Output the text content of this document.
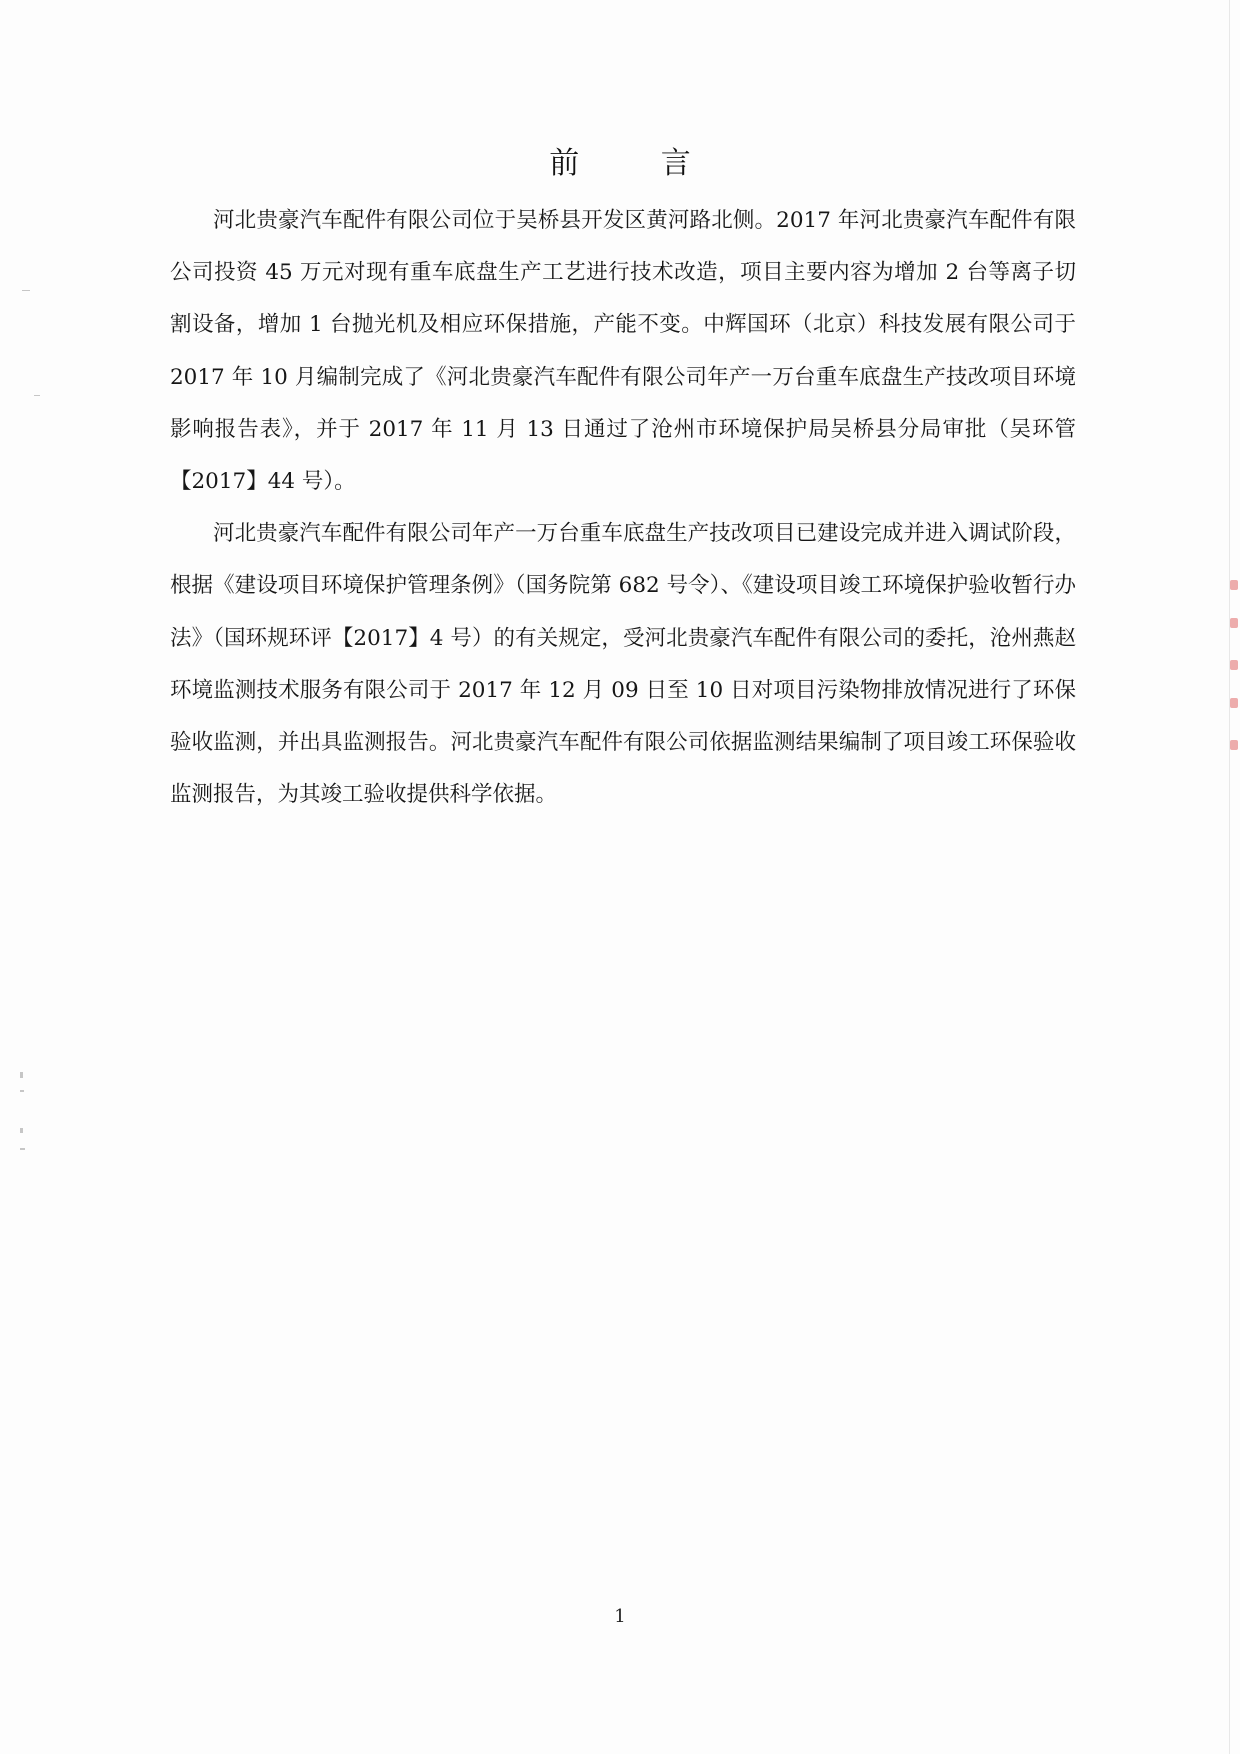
前 言

河北贵豪汽车配件有限公司位于吴桥县开发区黄河路北侧。2017 年河北贵豪汽车配件有限公司投资 45 万元对现有重车底盘生产工艺进行技术改造，项目主要内容为增加 2 台等离子切割设备，增加 1 台抛光机及相应环保措施，产能不变。中辉国环（北京）科技发展有限公司于 2017 年 10 月编制完成了《河北贵豪汽车配件有限公司年产一万台重车底盘生产技改项目环境影响报告表》，并于 2017 年 11 月 13 日通过了沧州市环境保护局吴桥县分局审批（吴环管【2017】44 号）。

河北贵豪汽车配件有限公司年产一万台重车底盘生产技改项目已建设完成并进入调试阶段，根据《建设项目环境保护管理条例》（国务院第 682 号令）、《建设项目竣工环境保护验收暂行办法》（国环规环评【2017】4 号）的有关规定，受河北贵豪汽车配件有限公司的委托，沧州燕赵环境监测技术服务有限公司于 2017 年 12 月 09 日至 10 日对项目污染物排放情况进行了环保验收监测，并出具监测报告。河北贵豪汽车配件有限公司依据监测结果编制了项目竣工环保验收监测报告，为其竣工验收提供科学依据。

1
